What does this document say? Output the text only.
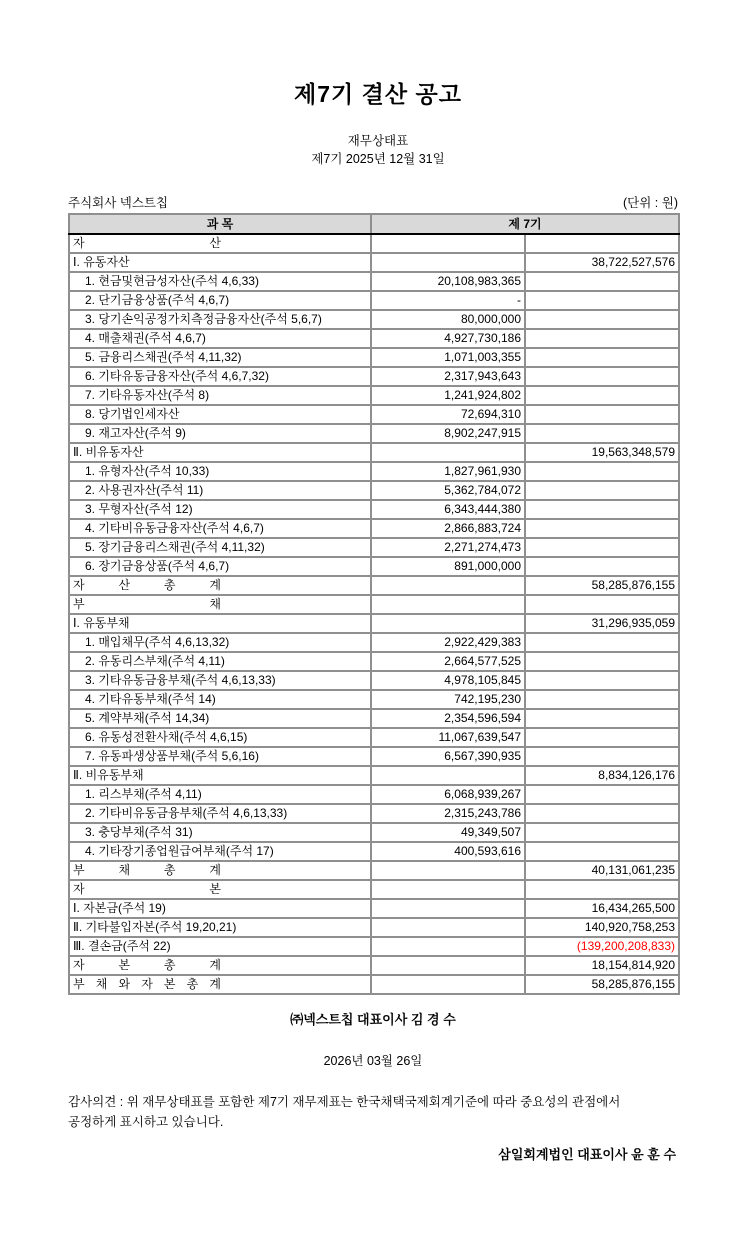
제7기 결산 공고
재무상태표
제7기 2025년 12월 31일
주식회사 넥스트칩	(단위 : 원)
과 목	제 7기	
자 산		
Ⅰ. 유동자산		38,722,527,576
1. 현금및현금성자산(주석 4,6,33)	20,108,983,365	
2. 단기금융상품(주석 4,6,7)	-	
3. 당기손익공정가치측정금융자산(주석 5,6,7)	80,000,000	
4. 매출채권(주석 4,6,7)	4,927,730,186	
5. 금융리스채권(주석 4,11,32)	1,071,003,355	
6. 기타유동금융자산(주석 4,6,7,32)	2,317,943,643	
7. 기타유동자산(주석 8)	1,241,924,802	
8. 당기법인세자산	72,694,310	
9. 재고자산(주석 9)	8,902,247,915	
Ⅱ. 비유동자산		19,563,348,579
1. 유형자산(주석 10,33)	1,827,961,930	
2. 사용권자산(주석 11)	5,362,784,072	
3. 무형자산(주석 12)	6,343,444,380	
4. 기타비유동금융자산(주석 4,6,7)	2,866,883,724	
5. 장기금융리스채권(주석 4,11,32)	2,271,274,473	
6. 장기금융상품(주석 4,6,7)	891,000,000	
자 산 총 계		58,285,876,155
부 채		
Ⅰ. 유동부채		31,296,935,059
1. 매입채무(주석 4,6,13,32)	2,922,429,383	
2. 유동리스부채(주석 4,11)	2,664,577,525	
3. 기타유동금융부채(주석 4,6,13,33)	4,978,105,845	
4. 기타유동부채(주석 14)	742,195,230	
5. 계약부채(주석 14,34)	2,354,596,594	
6. 유동성전환사채(주석 4,6,15)	11,067,639,547	
7. 유동파생상품부채(주석 5,6,16)	6,567,390,935	
Ⅱ. 비유동부채		8,834,126,176
1. 리스부채(주석 4,11)	6,068,939,267	
2. 기타비유동금융부채(주석 4,6,13,33)	2,315,243,786	
3. 충당부채(주석 31)	49,349,507	
4. 기타장기종업원급여부채(주석 17)	400,593,616	
부 채 총 계		40,131,061,235
자 본		
Ⅰ. 자본금(주석 19)		16,434,265,500
Ⅱ. 기타불입자본(주석 19,20,21)		140,920,758,253
Ⅲ. 결손금(주석 22)		(139,200,208,833)
자 본 총 계		18,154,814,920
부 채 와 자 본 총 계		58,285,876,155
㈜넥스트칩 대표이사 김 경 수
2026년 03월 26일

감사의견 : 위 재무상태표를 포함한 제7기 재무제표는 한국채택국제회계기준에 따라 중요성의 관점에서
공정하게 표시하고 있습니다.

삼일회계법인 대표이사 윤 훈 수
